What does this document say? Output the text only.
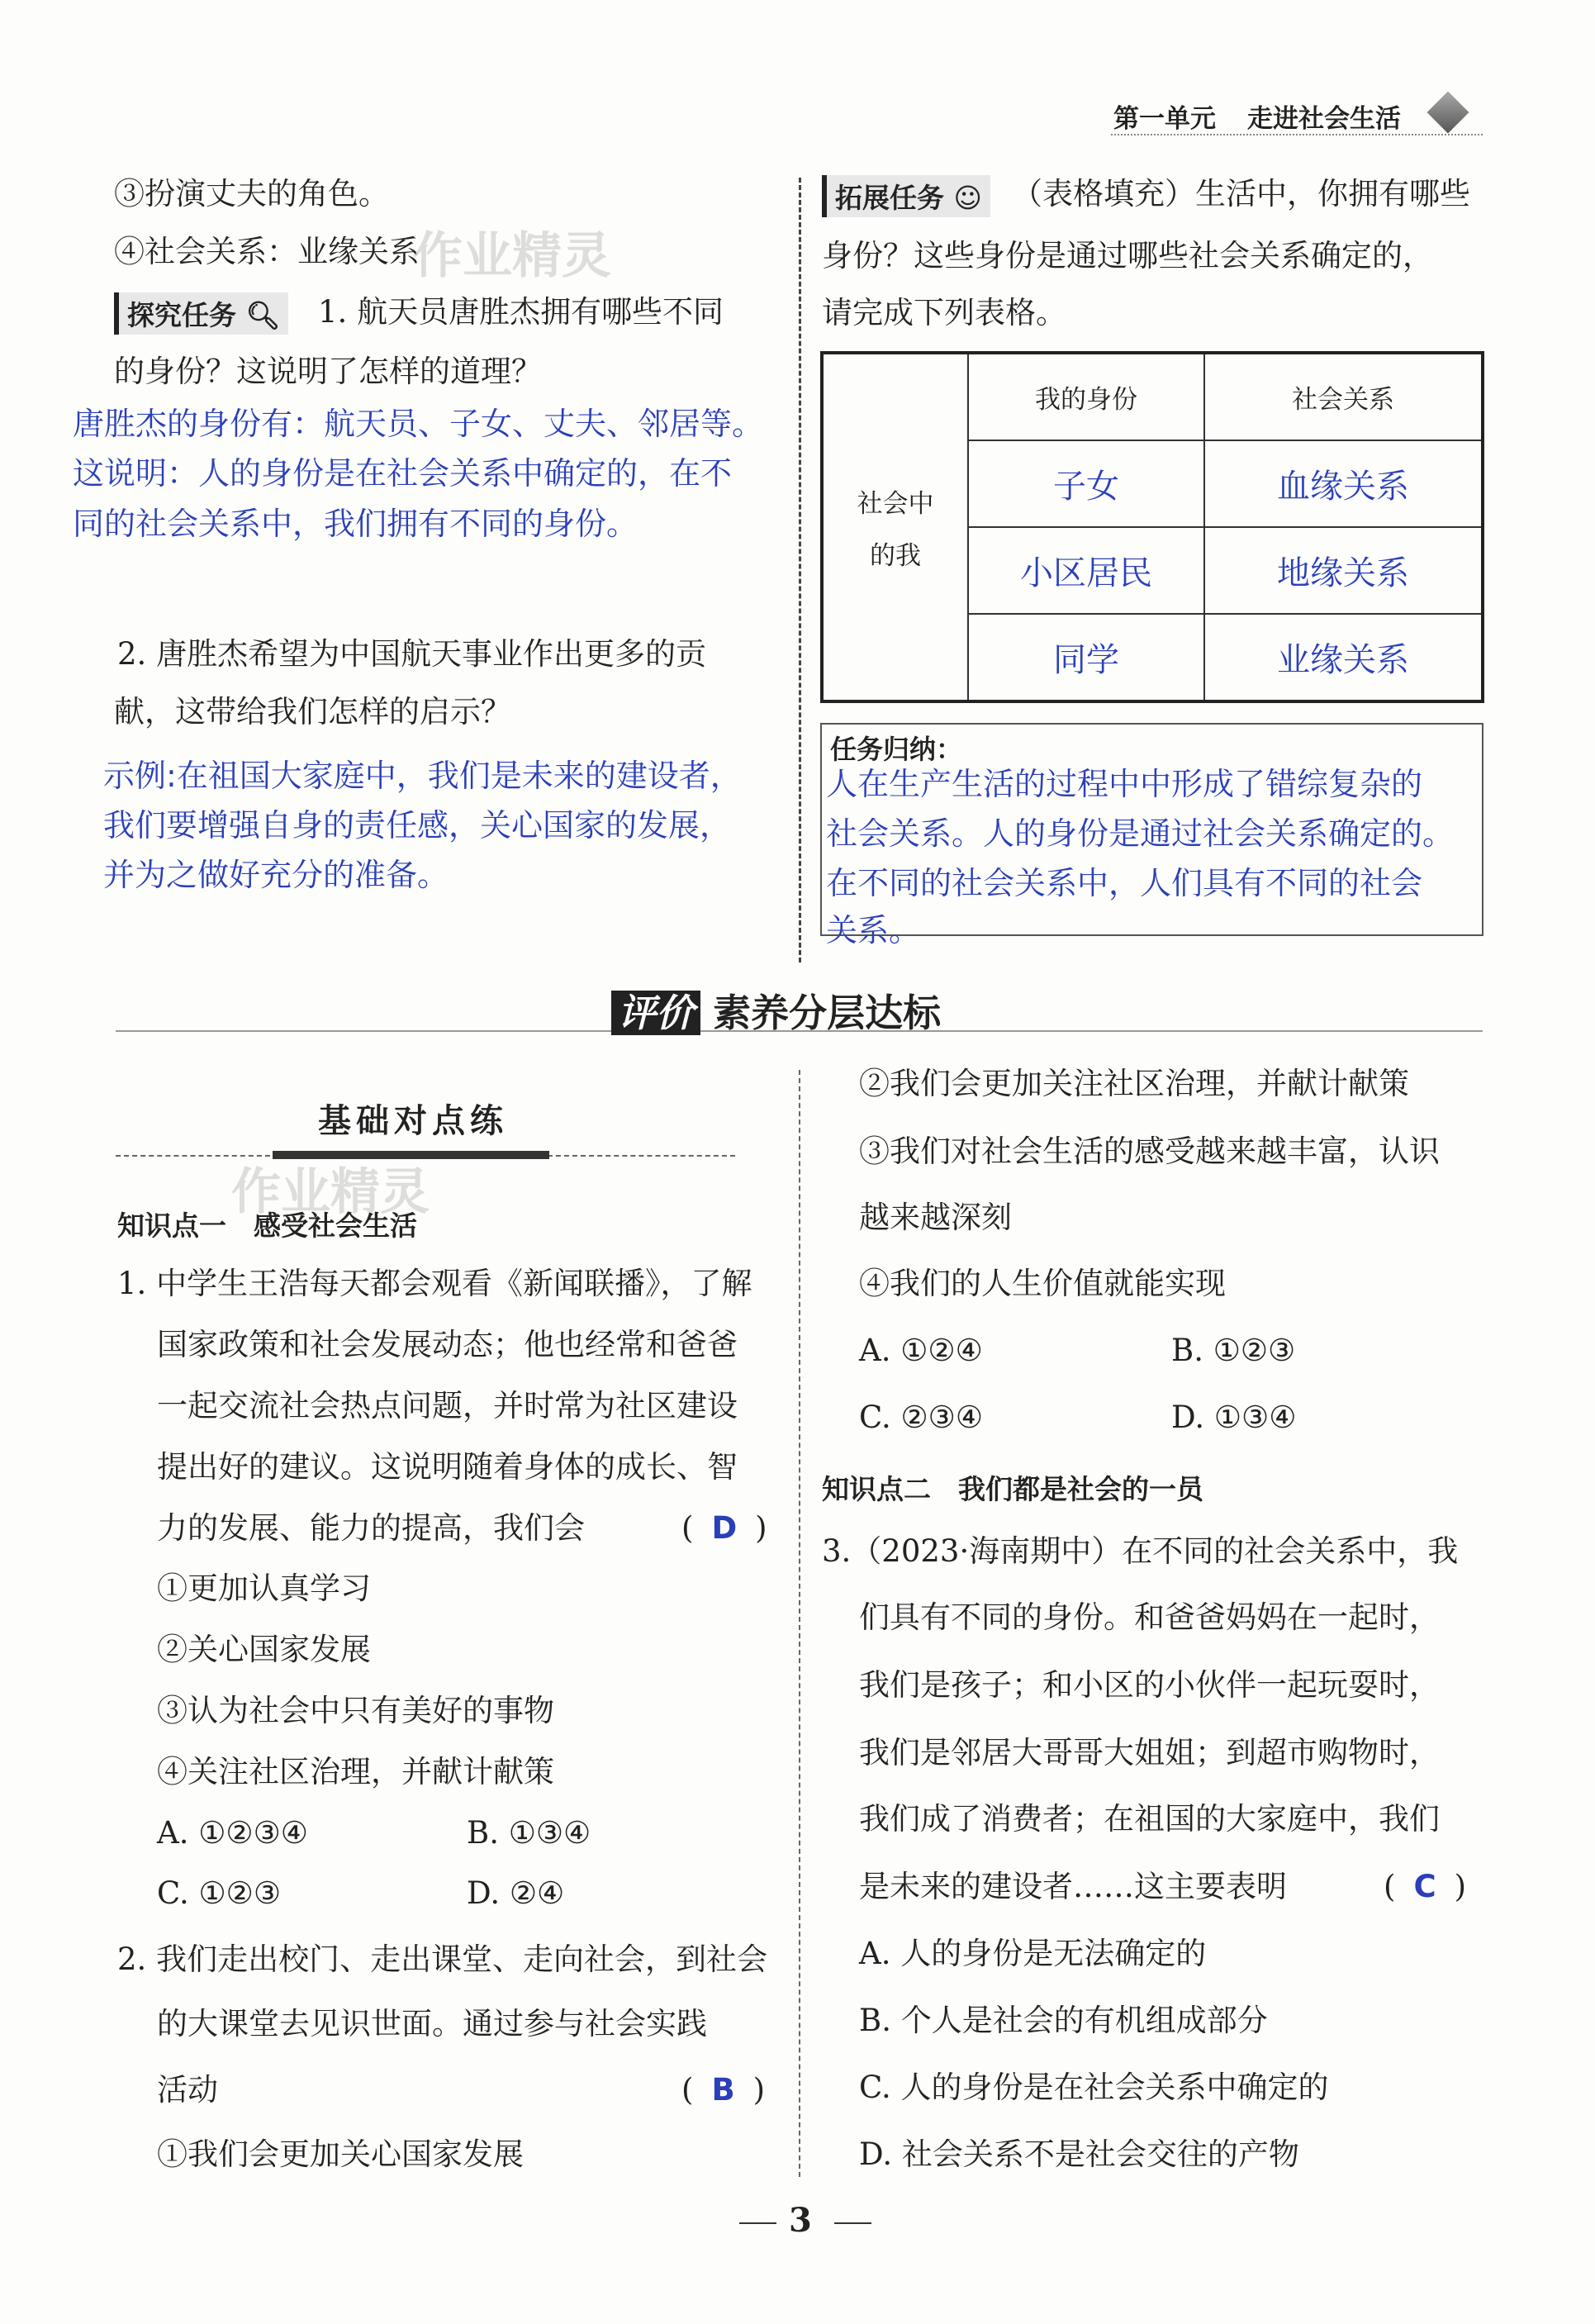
第一单元 走进社会生活
③扮演丈夫的角色。
④社会关系：业缘关系
作业精灵
探究任务 🔍︎ 1. 航天员唐胜杰拥有哪些不同
的身份？这说明了怎样的道理？
唐胜杰的身份有：航天员、子女、丈夫、邻居等。
这说明：人的身份是在社会关系中确定的，在不
同的社会关系中，我们拥有不同的身份。
2. 唐胜杰希望为中国航天事业作出更多的贡
献，这带给我们怎样的启示？
示例:在祖国大家庭中，我们是未来的建设者，
我们要增强自身的责任感，关心国家的发展，
并为之做好充分的准备。
拓展任务 ☺ （表格填充）生活中，你拥有哪些
身份？这些身份是通过哪些社会关系确定的，
请完成下列表格。
社会中
的我	我的身份	社会关系
	子女	血缘关系
	小区居民	地缘关系
	同学	业缘关系
任务归纳：
人在生产生活的过程中中形成了错综复杂的
社会关系。人的身份是通过社会关系确定的。
在不同的社会关系中，人们具有不同的社会
关系。
评价 素养分层达标
基础对点练
作业精灵
知识点一　感受社会生活
1. 中学生王浩每天都会观看《新闻联播》，了解
国家政策和社会发展动态；他也经常和爸爸
一起交流社会热点问题，并时常为社区建设
提出好的建议。这说明随着身体的成长、智
力的发展、能力的提高，我们会	( D )
①更加认真学习
②关心国家发展
③认为社会中只有美好的事物
④关注社区治理，并献计献策
A. ①②③④	B. ①③④
C. ①②③	D. ②④
2. 我们走出校门、走出课堂、走向社会，到社会
的大课堂去见识世面。通过参与社会实践
活动	( B )
①我们会更加关心国家发展
②我们会更加关注社区治理，并献计献策
③我们对社会生活的感受越来越丰富，认识
越来越深刻
④我们的人生价值就能实现
A. ①②④	B. ①②③
C. ②③④	D. ①③④
知识点二　我们都是社会的一员
3.（2023·海南期中）在不同的社会关系中，我
们具有不同的身份。和爸爸妈妈在一起时，
我们是孩子；和小区的小伙伴一起玩耍时，
我们是邻居大哥哥大姐姐；到超市购物时，
我们成了消费者；在祖国的大家庭中，我们
是未来的建设者……这主要表明	( C )
A. 人的身份是无法确定的
B. 个人是社会的有机组成部分
C. 人的身份是在社会关系中确定的
D. 社会关系不是社会交往的产物
3
